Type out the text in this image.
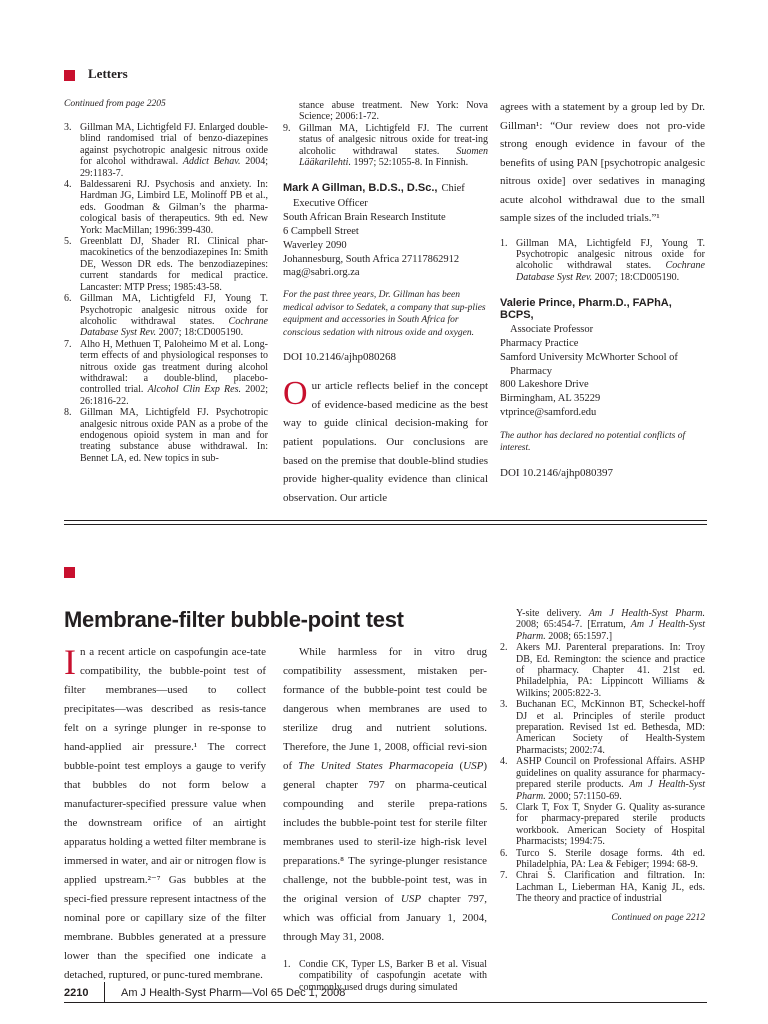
Letters
Continued from page 2205
3. Gillman MA, Lichtigfeld FJ. Enlarged double-blind randomised trial of benzo-diazepines against psychotropic analgesic nitrous oxide for alcohol withdrawal. Addict Behav. 2004; 29:1183-7.
4. Baldessareni RJ. Psychosis and anxiety. In: Hardman JG, Limbird LE, Molinoff PB et al., eds. Goodman & Gilman’s the pharma-cological basis of therapeutics. 9th ed. New York: MacMillan; 1996:399-430.
5. Greenblatt DJ, Shader RI. Clinical phar-macokinetics of the benzodiazepines In: Smith DE, Wesson DR eds. The benzodiazepines: current standards for medical practice. Lancaster: MTP Press; 1985:43-58.
6. Gillman MA, Lichtigfeld FJ, Young T. Psychotropic analgesic nitrous oxide for alcoholic withdrawal states. Cochrane Database Syst Rev. 2007; 18:CD005190.
7. Alho H, Methuen T, Paloheimo M et al. Long-term effects of and physiological responses to nitrous oxide gas treatment during alcohol withdrawal: a double-blind, placebo-controlled trial. Alcohol Clin Exp Res. 2002; 26:1816-22.
8. Gillman MA, Lichtigfeld FJ. Psychotropic analgesic nitrous oxide PAN as a probe of the endogenous opioid system in man and for treating substance abuse withdrawal. In: Bennet LA, ed. New topics in sub-
stance abuse treatment. New York: Nova Science; 2006:1-72.
9. Gillman MA, Lichtigfeld FJ. The current status of analgesic nitrous oxide for treat-ing alcoholic withdrawal states. Suomen Lääkarilehti. 1997; 52:1055-8. In Finnish.
Mark A Gillman, B.D.S., D.Sc., Chief
Executive Officer
South African Brain Research Institute
6 Campbell Street
Waverley 2090
Johannesburg, South Africa 27117862912
mag@sabri.org.za
For the past three years, Dr. Gillman has been medical advisor to Sedatek, a company that sup-plies equipment and accessories in South Africa for conscious sedation with nitrous oxide and oxygen.
DOI 10.2146/ajhp080268
O ur article reflects belief in the concept of evidence-based medicine as the best way to guide clinical decision-making for patient populations. Our conclusions are based on the premise that double-blind studies provide higher-quality evidence than clinical observation. Our article

agrees with a statement by a group led by Dr. Gillman¹: “Our review does not pro-vide strong enough evidence in favour of the benefits of using PAN [psychotropic analgesic nitrous oxide] over sedatives in managing acute alcohol withdrawal due to the small sample sizes of the included trials.”¹

1. Gillman MA, Lichtigfeld FJ, Young T. Psychotropic analgesic nitrous oxide for alcoholic withdrawal states. Cochrane Database Syst Rev. 2007; 18:CD005190.
Valerie Prince, Pharm.D., FAPhA, BCPS,
Associate Professor
Pharmacy Practice
Samford University McWhorter School of
Pharmacy
800 Lakeshore Drive
Birmingham, AL 35229
vtprince@samford.edu
The author has declared no potential conflicts of interest.
DOI 10.2146/ajhp080397
Membrane-filter bubble-point test
I n a recent article on caspofungin ace-tate compatibility, the bubble-point test of filter membranes—used to collect precipitates—was described as resis-tance felt on a syringe plunger in re-sponse to hand-applied air pressure.¹ The correct bubble-point test employs a gauge to verify that bubbles do not form below a manufacturer-specified pressure value when the downstream orifice of an airtight apparatus holding a wetted filter membrane is immersed in water, and air or nitrogen flow is applied upstream.²⁻⁷ Gas bubbles at the speci-fied pressure represent intactness of the nominal pore or capillary size of the filter membrane. Bubbles generated at a pressure lower than the specified one indicate a detached, ruptured, or punc-tured membrane.

While harmless for in vitro drug compatibility assessment, mistaken per-formance of the bubble-point test could be dangerous when membranes are used to sterilize drug and nutrient solutions. Therefore, the June 1, 2008, official revi-sion of The United States Pharmacopeia (USP) general chapter 797 on pharma-ceutical compounding and sterile prepa-rations includes the bubble-point test for sterile filter membranes used to steril-ize high-risk level preparations.⁸ The syringe-plunger resistance challenge, not the bubble-point test, was in the original version of USP chapter 797, which was official from January 1, 2004, through May 31, 2008.

1. Condie CK, Typer LS, Barker B et al. Visual compatibility of caspofungin acetate with commonly used drugs during simulated
Y-site delivery. Am J Health-Syst Pharm. 2008; 65:454-7. [Erratum, Am J Health-Syst Pharm. 2008; 65:1597.]
2. Akers MJ. Parenteral preparations. In: Troy DB, Ed. Remington: the science and practice of pharmacy. Chapter 41. 21st ed. Philadelphia, PA: Lippincott Williams & Wilkins; 2005:822-3.
3. Buchanan EC, McKinnon BT, Scheckel-hoff DJ et al. Principles of sterile product preparation. Revised 1st ed. Bethesda, MD: American Society of Health-System Pharmacists; 2002:74.
4. ASHP Council on Professional Affairs. ASHP guidelines on quality assurance for pharmacy-prepared sterile products. Am J Health-Syst Pharm. 2000; 57:1150-69.
5. Clark T, Fox T, Snyder G. Quality as-surance for pharmacy-prepared sterile products workbook. American Society of Hospital Pharmacists; 1994:75.
6. Turco S. Sterile dosage forms. 4th ed. Philadelphia, PA: Lea & Febiger; 1994: 68-9.
7. Chrai S. Clarification and filtration. In: Lachman L, Lieberman HA, Kanig JL, eds. The theory and practice of industrial
Continued on page 2212
2210	Am J Health-Syst Pharm—Vol 65 Dec 1, 2008
